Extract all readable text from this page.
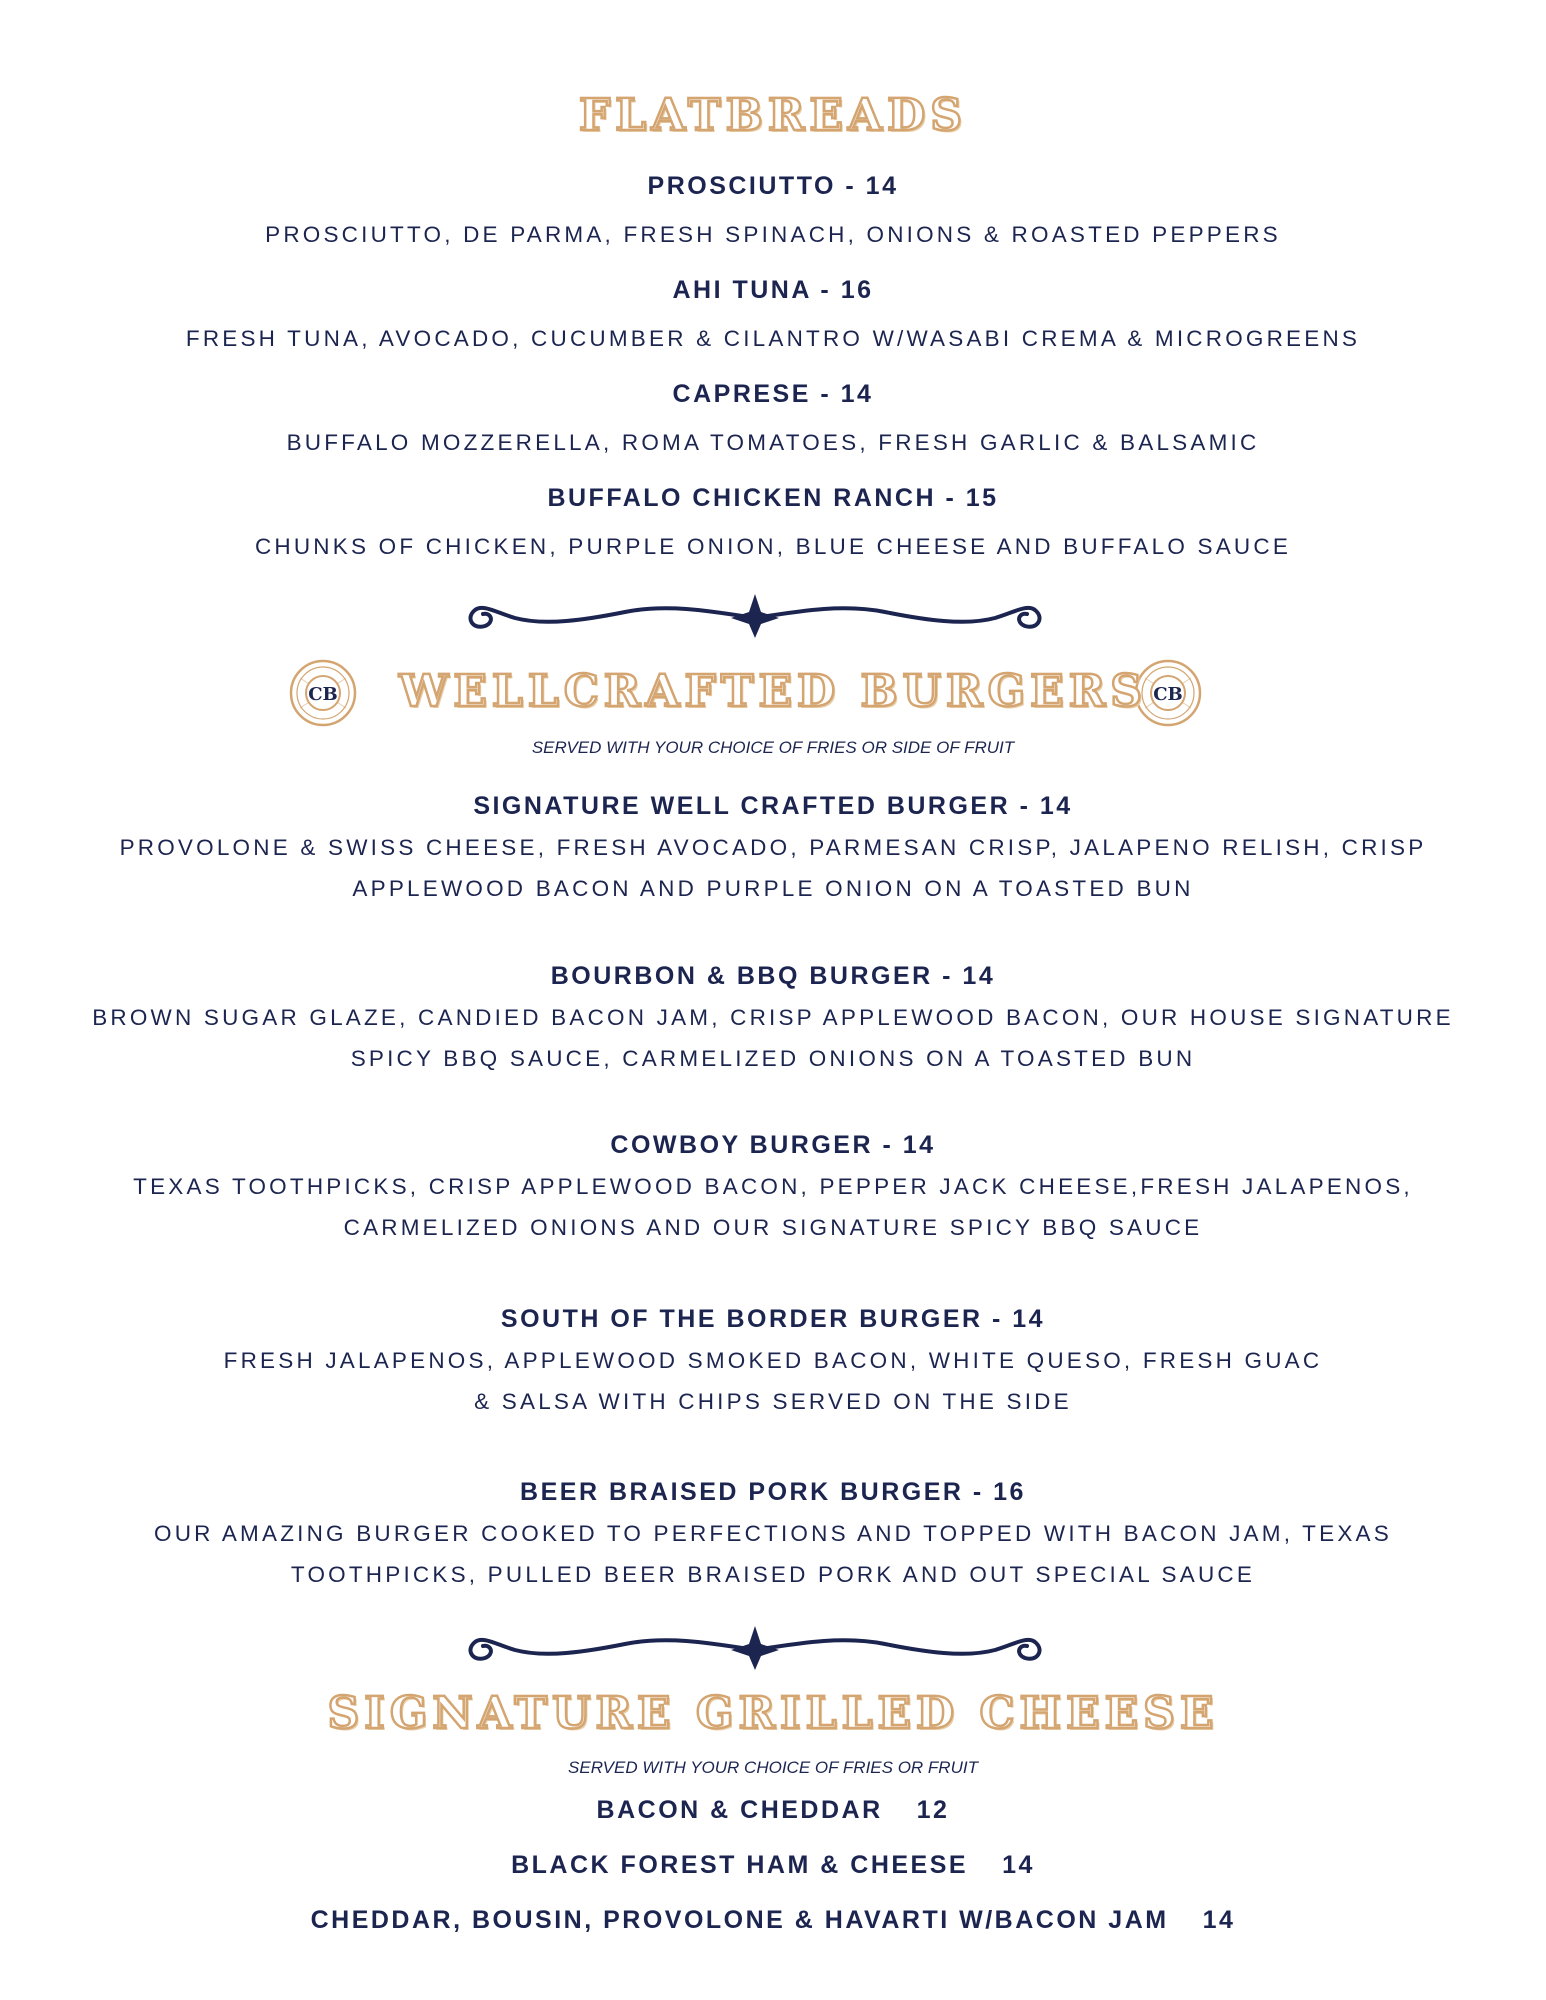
FLATBREADS
PROSCIUTTO - 14
PROSCIUTTO, DE PARMA, FRESH SPINACH, ONIONS & ROASTED PEPPERS
AHI TUNA - 16
FRESH TUNA, AVOCADO, CUCUMBER & CILANTRO W/WASABI CREMA & MICROGREENS
CAPRESE - 14
BUFFALO MOZZERELLA, ROMA TOMATOES, FRESH GARLIC & BALSAMIC
BUFFALO CHICKEN RANCH - 15
CHUNKS OF CHICKEN, PURPLE ONION, BLUE CHEESE AND BUFFALO SAUCE
CB	CB
WELLCRAFTED BURGERS
SERVED WITH YOUR CHOICE OF FRIES OR SIDE OF FRUIT
SIGNATURE WELL CRAFTED BURGER - 14
PROVOLONE & SWISS CHEESE, FRESH AVOCADO, PARMESAN CRISP, JALAPENO RELISH, CRISP
APPLEWOOD BACON AND PURPLE ONION ON A TOASTED BUN
BOURBON & BBQ BURGER - 14
BROWN SUGAR GLAZE, CANDIED BACON JAM, CRISP APPLEWOOD BACON, OUR HOUSE SIGNATURE
SPICY BBQ SAUCE, CARMELIZED ONIONS ON A TOASTED BUN
COWBOY BURGER - 14
TEXAS TOOTHPICKS, CRISP APPLEWOOD BACON, PEPPER JACK CHEESE,FRESH JALAPENOS,
CARMELIZED ONIONS AND OUR SIGNATURE SPICY BBQ SAUCE
SOUTH OF THE BORDER BURGER - 14
FRESH JALAPENOS, APPLEWOOD SMOKED BACON, WHITE QUESO, FRESH GUAC
& SALSA WITH CHIPS SERVED ON THE SIDE
BEER BRAISED PORK BURGER - 16
OUR AMAZING BURGER COOKED TO PERFECTIONS AND TOPPED WITH BACON JAM, TEXAS
TOOTHPICKS, PULLED BEER BRAISED PORK AND OUT SPECIAL SAUCE
SIGNATURE GRILLED CHEESE
SERVED WITH YOUR CHOICE OF FRIES OR FRUIT
BACON & CHEDDAR 12
BLACK FOREST HAM & CHEESE 14
CHEDDAR, BOUSIN, PROVOLONE & HAVARTI W/BACON JAM 14
